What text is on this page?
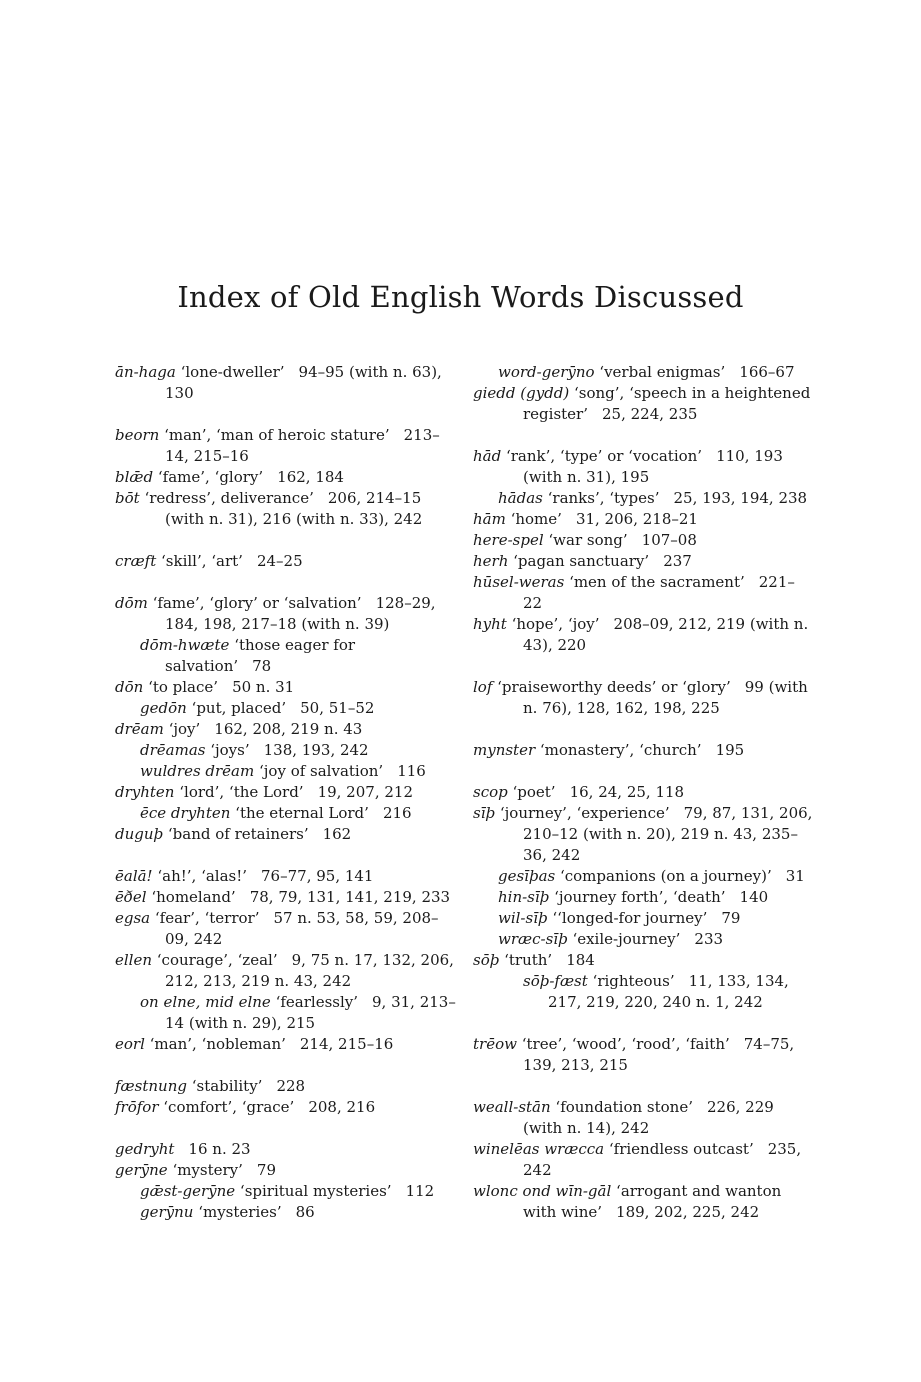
Index of Old English Words Discussed

ān-haga ‘lone-dweller’ 94–95 (with n. 63), 130

beorn ‘man’, ‘man of heroic stature’ 213–14, 215–16

blǣd ‘fame’, ‘glory’ 162, 184

bōt ‘redress’, deliverance’ 206, 214–15 (with n. 31), 216 (with n. 33), 242

cræft ‘skill’, ‘art’ 24–25

dōm ‘fame’, ‘glory’ or ‘salvation’ 128–29, 184, 198, 217–18 (with n. 39)

dōm-hwæte ‘those eager for salvation’ 78

dōn ‘to place’ 50 n. 31

gedōn ‘put, placed’ 50, 51–52

drēam ‘joy’ 162, 208, 219 n. 43

drēamas ‘joys’ 138, 193, 242

wuldres drēam ‘joy of salvation’ 116

dryhten ‘lord’, ‘the Lord’ 19, 207, 212

ēce dryhten ‘the eternal Lord’ 216

duguþ ‘band of retainers’ 162

ēalā! ‘ah!’, ‘alas!’ 76–77, 95, 141

ēðel ‘homeland’ 78, 79, 131, 141, 219, 233

egsa ‘fear’, ‘terror’ 57 n. 53, 58, 59, 208–09, 242

ellen ‘courage’, ‘zeal’ 9, 75 n. 17, 132, 206, 212, 213, 219 n. 43, 242

on elne, mid elne ‘fearlessly’ 9, 31, 213–14 (with n. 29), 215

eorl ‘man’, ‘nobleman’ 214, 215–16

fæstnung ‘stability’ 228

frōfor ‘comfort’, ‘grace’ 208, 216

gedryht 16 n. 23

gerȳne ‘mystery’ 79

gǣst-gerȳne ‘spiritual mysteries’ 112

gerȳnu ‘mysteries’ 86

word-gerȳno ‘verbal enigmas’ 166–67

giedd (gydd) ‘song’, ‘speech in a heightened register’ 25, 224, 235

hād ‘rank’, ‘type’ or ‘vocation’ 110, 193 (with n. 31), 195

hādas ‘ranks’, ‘types’ 25, 193, 194, 238

hām ‘home’ 31, 206, 218–21

here-spel ‘war song’ 107–08

herh ‘pagan sanctuary’ 237

hūsel-weras ‘men of the sacrament’ 221–22

hyht ‘hope’, ‘joy’ 208–09, 212, 219 (with n. 43), 220

lof ‘praiseworthy deeds’ or ‘glory’ 99 (with n. 76), 128, 162, 198, 225

mynster ‘monastery’, ‘church’ 195

scop ‘poet’ 16, 24, 25, 118

sīþ ‘journey’, ‘experience’ 79, 87, 131, 206, 210–12 (with n. 20), 219 n. 43, 235–36, 242

gesīþas ‘companions (on a journey)’ 31

hin-sīþ ‘journey forth’, ‘death’ 140

wil-sīþ ‘‘longed-for journey’ 79

wræc-sīþ ‘exile-journey’ 233

sōþ ‘truth’ 184

sōþ-fæst ‘righteous’ 11, 133, 134, 217, 219, 220, 240 n. 1, 242

trēow ‘tree’, ‘wood’, ‘rood’, ‘faith’ 74–75, 139, 213, 215

weall-stān ‘foundation stone’ 226, 229 (with n. 14), 242

winelēas wræcca ‘friendless outcast’ 235, 242

wlonc ond wīn-gāl ‘arrogant and wanton with wine’ 189, 202, 225, 242
